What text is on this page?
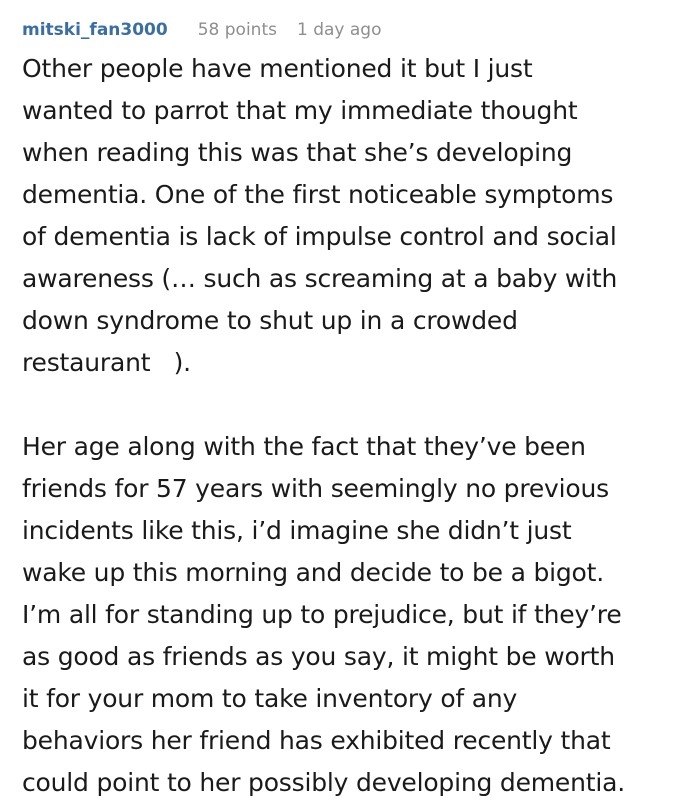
mitski_fan3000 58 points 1 day ago

Other people have mentioned it but I just
wanted to parrot that my immediate thought
when reading this was that she’s developing
dementia. One of the first noticeable symptoms
of dementia is lack of impulse control and social
awareness (… such as screaming at a baby with
down syndrome to shut up in a crowded
restaurant   ).

Her age along with the fact that they’ve been
friends for 57 years with seemingly no previous
incidents like this, i’d imagine she didn’t just
wake up this morning and decide to be a bigot.
I’m all for standing up to prejudice, but if they’re
as good as friends as you say, it might be worth
it for your mom to take inventory of any
behaviors her friend has exhibited recently that
could point to her possibly developing dementia.
